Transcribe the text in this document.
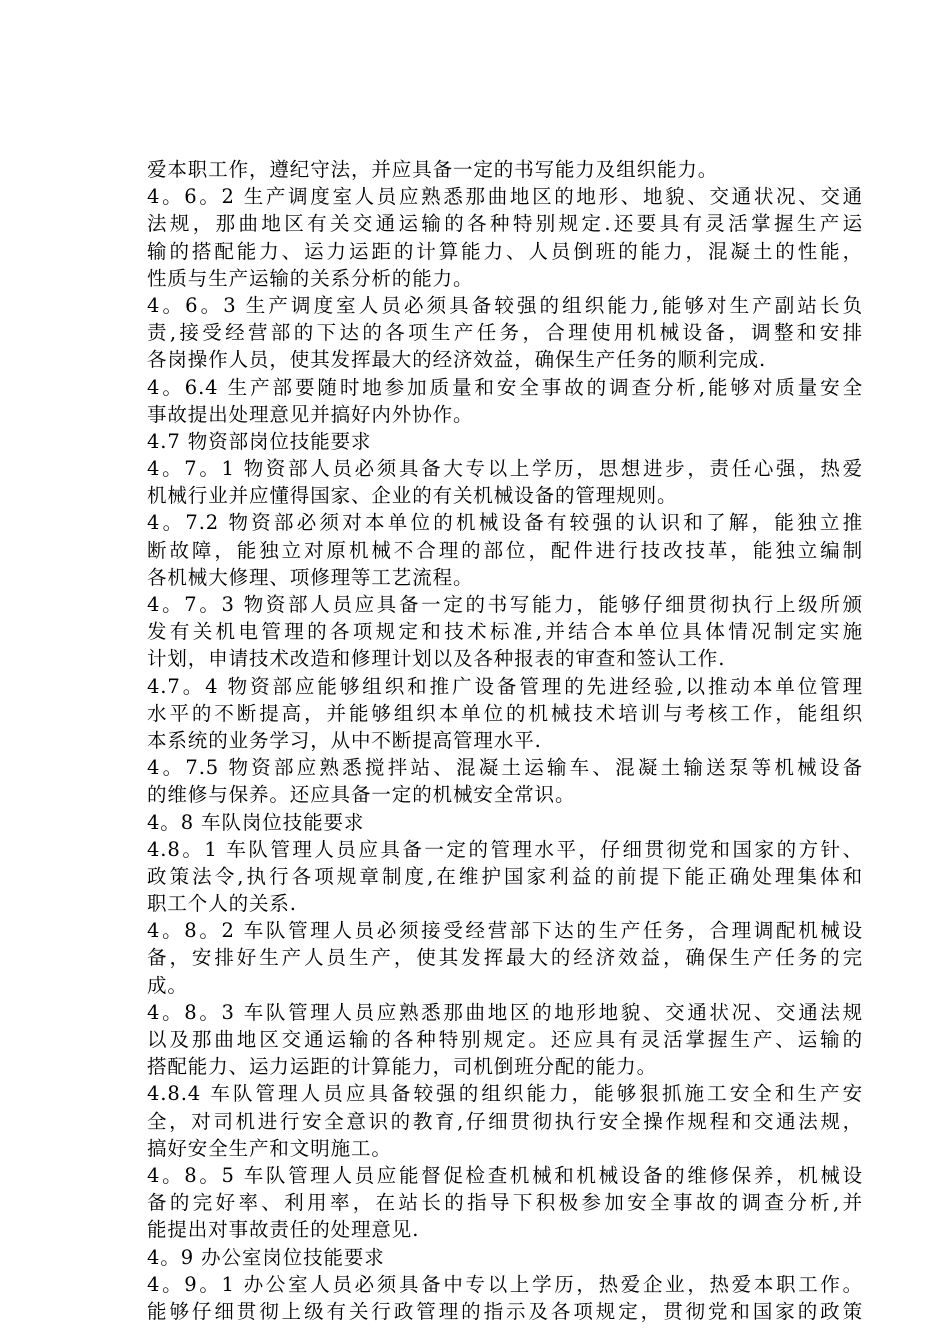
爱本职工作，遵纪守法，并应具备一定的书写能力及组织能力。
4。6。2 生产调度室人员应熟悉那曲地区的地形、地貌、交通状况、交通
法规，那曲地区有关交通运输的各种特别规定.还要具有灵活掌握生产运
输的搭配能力、运力运距的计算能力、人员倒班的能力，混凝土的性能，
性质与生产运输的关系分析的能力。
4。6。3 生产调度室人员必须具备较强的组织能力,能够对生产副站长负
责,接受经营部的下达的各项生产任务，合理使用机械设备，调整和安排
各岗操作人员，使其发挥最大的经济效益，确保生产任务的顺利完成.
4。6.4 生产部要随时地参加质量和安全事故的调查分析,能够对质量安全
事故提出处理意见并搞好内外协作。
4.7 物资部岗位技能要求
4。7。1 物资部人员必须具备大专以上学历，思想进步，责任心强，热爱
机械行业并应懂得国家、企业的有关机械设备的管理规则。
4。7.2 物资部必须对本单位的机械设备有较强的认识和了解，能独立推
断故障，能独立对原机械不合理的部位，配件进行技改技革，能独立编制
各机械大修理、项修理等工艺流程。
4。7。3 物资部人员应具备一定的书写能力，能够仔细贯彻执行上级所颁
发有关机电管理的各项规定和技术标准,并结合本单位具体情况制定实施
计划，申请技术改造和修理计划以及各种报表的审查和签认工作.
4.7。4 物资部应能够组织和推广设备管理的先进经验,以推动本单位管理
水平的不断提高，并能够组织本单位的机械技术培训与考核工作，能组织
本系统的业务学习，从中不断提高管理水平.
4。7.5 物资部应熟悉搅拌站、混凝土运输车、混凝土输送泵等机械设备
的维修与保养。还应具备一定的机械安全常识。
4。8 车队岗位技能要求
4.8。1 车队管理人员应具备一定的管理水平，仔细贯彻党和国家的方针、
政策法令,执行各项规章制度,在维护国家利益的前提下能正确处理集体和
职工个人的关系.
4。8。2 车队管理人员必须接受经营部下达的生产任务，合理调配机械设
备，安排好生产人员生产，使其发挥最大的经济效益，确保生产任务的完
成。
4。8。3 车队管理人员应熟悉那曲地区的地形地貌、交通状况、交通法规
以及那曲地区交通运输的各种特别规定。还应具有灵活掌握生产、运输的
搭配能力、运力运距的计算能力，司机倒班分配的能力。
4.8.4 车队管理人员应具备较强的组织能力，能够狠抓施工安全和生产安
全，对司机进行安全意识的教育,仔细贯彻执行安全操作规程和交通法规，
搞好安全生产和文明施工。
4。8。5 车队管理人员应能督促检查机械和机械设备的维修保养，机械设
备的完好率、利用率，在站长的指导下积极参加安全事故的调查分析,并
能提出对事故责任的处理意见.
4。9 办公室岗位技能要求
4。9。1 办公室人员必须具备中专以上学历，热爱企业，热爱本职工作。
能够仔细贯彻上级有关行政管理的指示及各项规定，贯彻党和国家的政策
